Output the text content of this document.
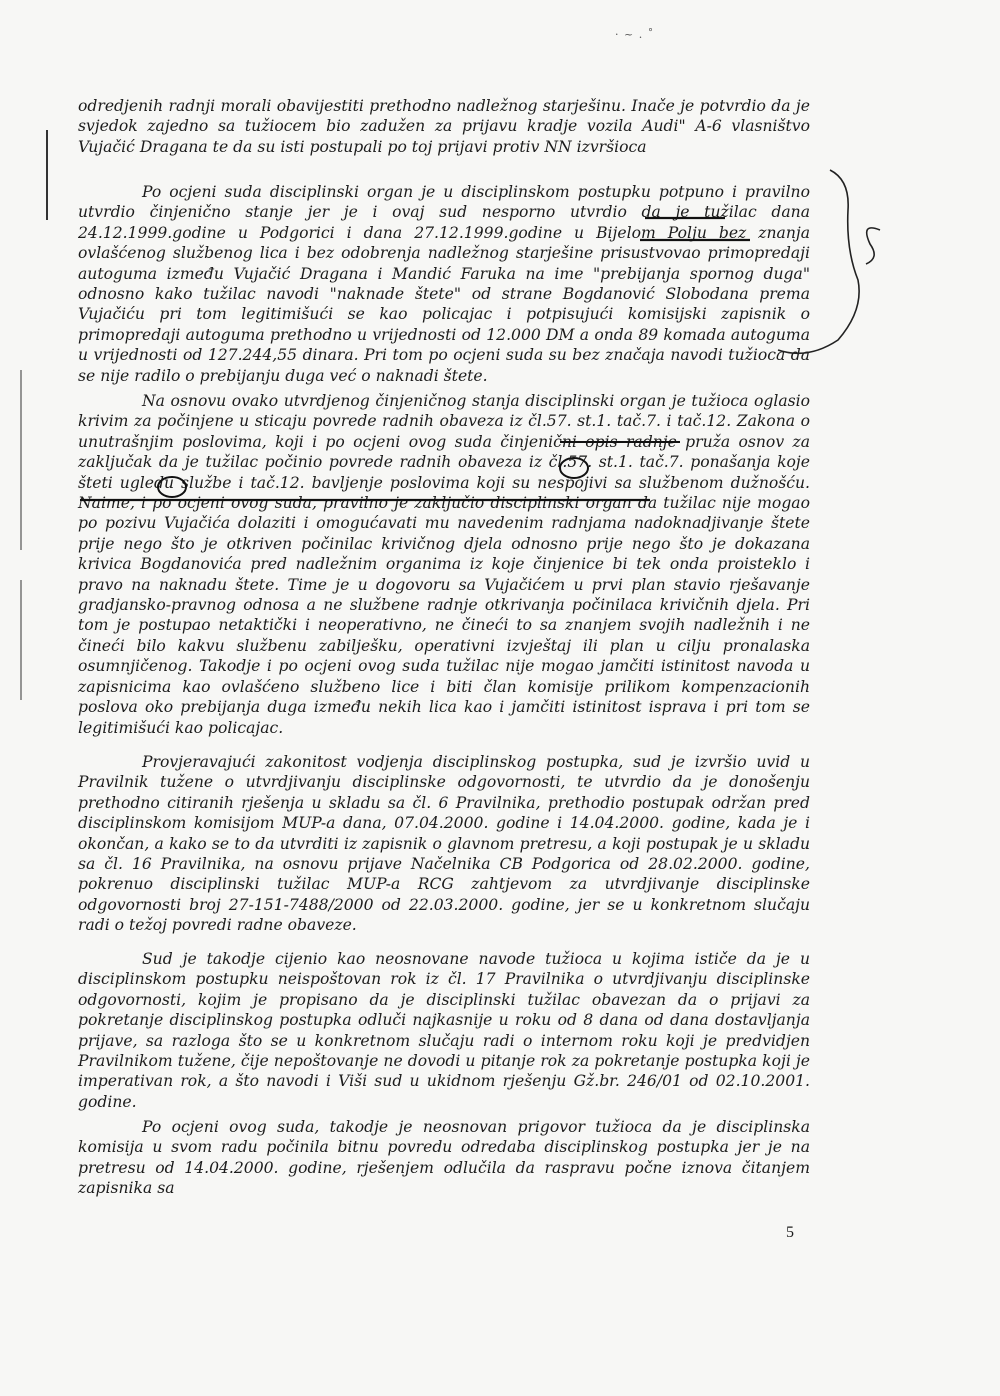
· ~ . ˚

odredjenih radnji morali obavijestiti prethodno nadležnog starješinu. Inače je potvrdio da je svjedok zajedno sa tužiocem bio zadužen za prijavu kradje vozila Audi" A-6 vlasništvo Vujačić Dragana te da su isti postupali po toj prijavi protiv NN izvršioca

Po ocjeni suda disciplinski organ je u disciplinskom postupku potpuno i pravilno utvrdio činjenično stanje jer je i ovaj sud nesporno utvrdio da je tužilac dana 24.12.1999.godine u Podgorici i dana 27.12.1999.godine u Bijelom Polju bez znanja ovlašćenog službenog lica i bez odobrenja nadležnog starješine prisustvovao primopredaji autoguma između Vujačić Dragana i Mandić Faruka na ime "prebijanja spornog duga" odnosno kako tužilac navodi "naknade štete" od strane Bogdanović Slobodana prema Vujačiću pri tom legitimišući se kao policajac i potpisujući komisijski zapisnik o primopredaji autoguma prethodno u vrijednosti od 12.000 DM a onda 89 komada autoguma u vrijednosti od 127.244,55 dinara. Pri tom po ocjeni suda su bez značaja navodi tužioca da se nije radilo o prebijanju duga već o naknadi štete.

Na osnovu ovako utvrdjenog činjeničnog stanja disciplinski organ je tužioca oglasio krivim za počinjene u sticaju povrede radnih obaveza iz čl.57. st.1. tač.7. i tač.12. Zakona o unutrašnjim poslovima, koji i po ocjeni ovog suda činjenični opis radnje pruža osnov za zaključak da je tužilac počinio povrede radnih obaveza iz čl.57. st.1. tač.7. ponašanja koje šteti ugledu službe i tač.12. bavljenje poslovima koji su nespojivi sa službenom dužnošću. Naime, i po ocjeni ovog suda, pravilno je zaključio disciplinski organ da tužilac nije mogao po pozivu Vujačića dolaziti i omogućavati mu navedenim radnjama nadoknadjivanje štete prije nego što je otkriven počinilac krivičnog djela odnosno prije nego što je dokazana krivica Bogdanovića pred nadležnim organima iz koje činjenice bi tek onda proisteklo i pravo na naknadu štete. Time je u dogovoru sa Vujačićem u prvi plan stavio rješavanje gradjansko-pravnog odnosa a ne službene radnje otkrivanja počinilaca krivičnih djela. Pri tom je postupao netaktički i neoperativno, ne čineći to sa znanjem svojih nadležnih i ne čineći bilo kakvu službenu zabilješku, operativni izvještaj ili plan u cilju pronalaska osumnjičenog. Takodje i po ocjeni ovog suda tužilac nije mogao jamčiti istinitost navoda u zapisnicima kao ovlašćeno službeno lice i biti član komisije prilikom kompenzacionih poslova oko prebijanja duga između nekih lica kao i jamčiti istinitost isprava i pri tom se legitimišući kao policajac.

Provjeravajući zakonitost vodjenja disciplinskog postupka, sud je izvršio uvid u Pravilnik tužene o utvrdjivanju disciplinske odgovornosti, te utvrdio da je donošenju prethodno citiranih rješenja u skladu sa čl. 6 Pravilnika, prethodio postupak održan pred disciplinskom komisijom MUP-a dana, 07.04.2000. godine i 14.04.2000. godine, kada je i okončan, a kako se to da utvrditi iz zapisnik o glavnom pretresu, a koji postupak je u skladu sa čl. 16 Pravilnika, na osnovu prijave Načelnika CB Podgorica od 28.02.2000. godine, pokrenuo disciplinski tužilac MUP-a RCG zahtjevom za utvrdjivanje disciplinske odgovornosti broj 27-151-7488/2000 od 22.03.2000. godine, jer se u konkretnom slučaju radi o težoj povredi radne obaveze.

Sud je takodje cijenio kao neosnovane navode tužioca u kojima ističe da je u disciplinskom postupku neispoštovan rok iz čl. 17 Pravilnika o utvrdjivanju disciplinske odgovornosti, kojim je propisano da je disciplinski tužilac obavezan da o prijavi za pokretanje disciplinskog postupka odluči najkasnije u roku od 8 dana od dana dostavljanja prijave, sa razloga što se u konkretnom slučaju radi o internom roku koji je predvidjen Pravilnikom tužene, čije nepoštovanje ne dovodi u pitanje rok za pokretanje postupka koji je imperativan rok, a što navodi i Viši sud u ukidnom rješenju Gž.br. 246/01 od 02.10.2001. godine.

Po ocjeni ovog suda, takodje je neosnovan prigovor tužioca da je disciplinska komisija u svom radu počinila bitnu povredu odredaba disciplinskog postupka jer je na pretresu od 14.04.2000. godine, rješenjem odlučila da raspravu počne iznova čitanjem zapisnika sa

5
